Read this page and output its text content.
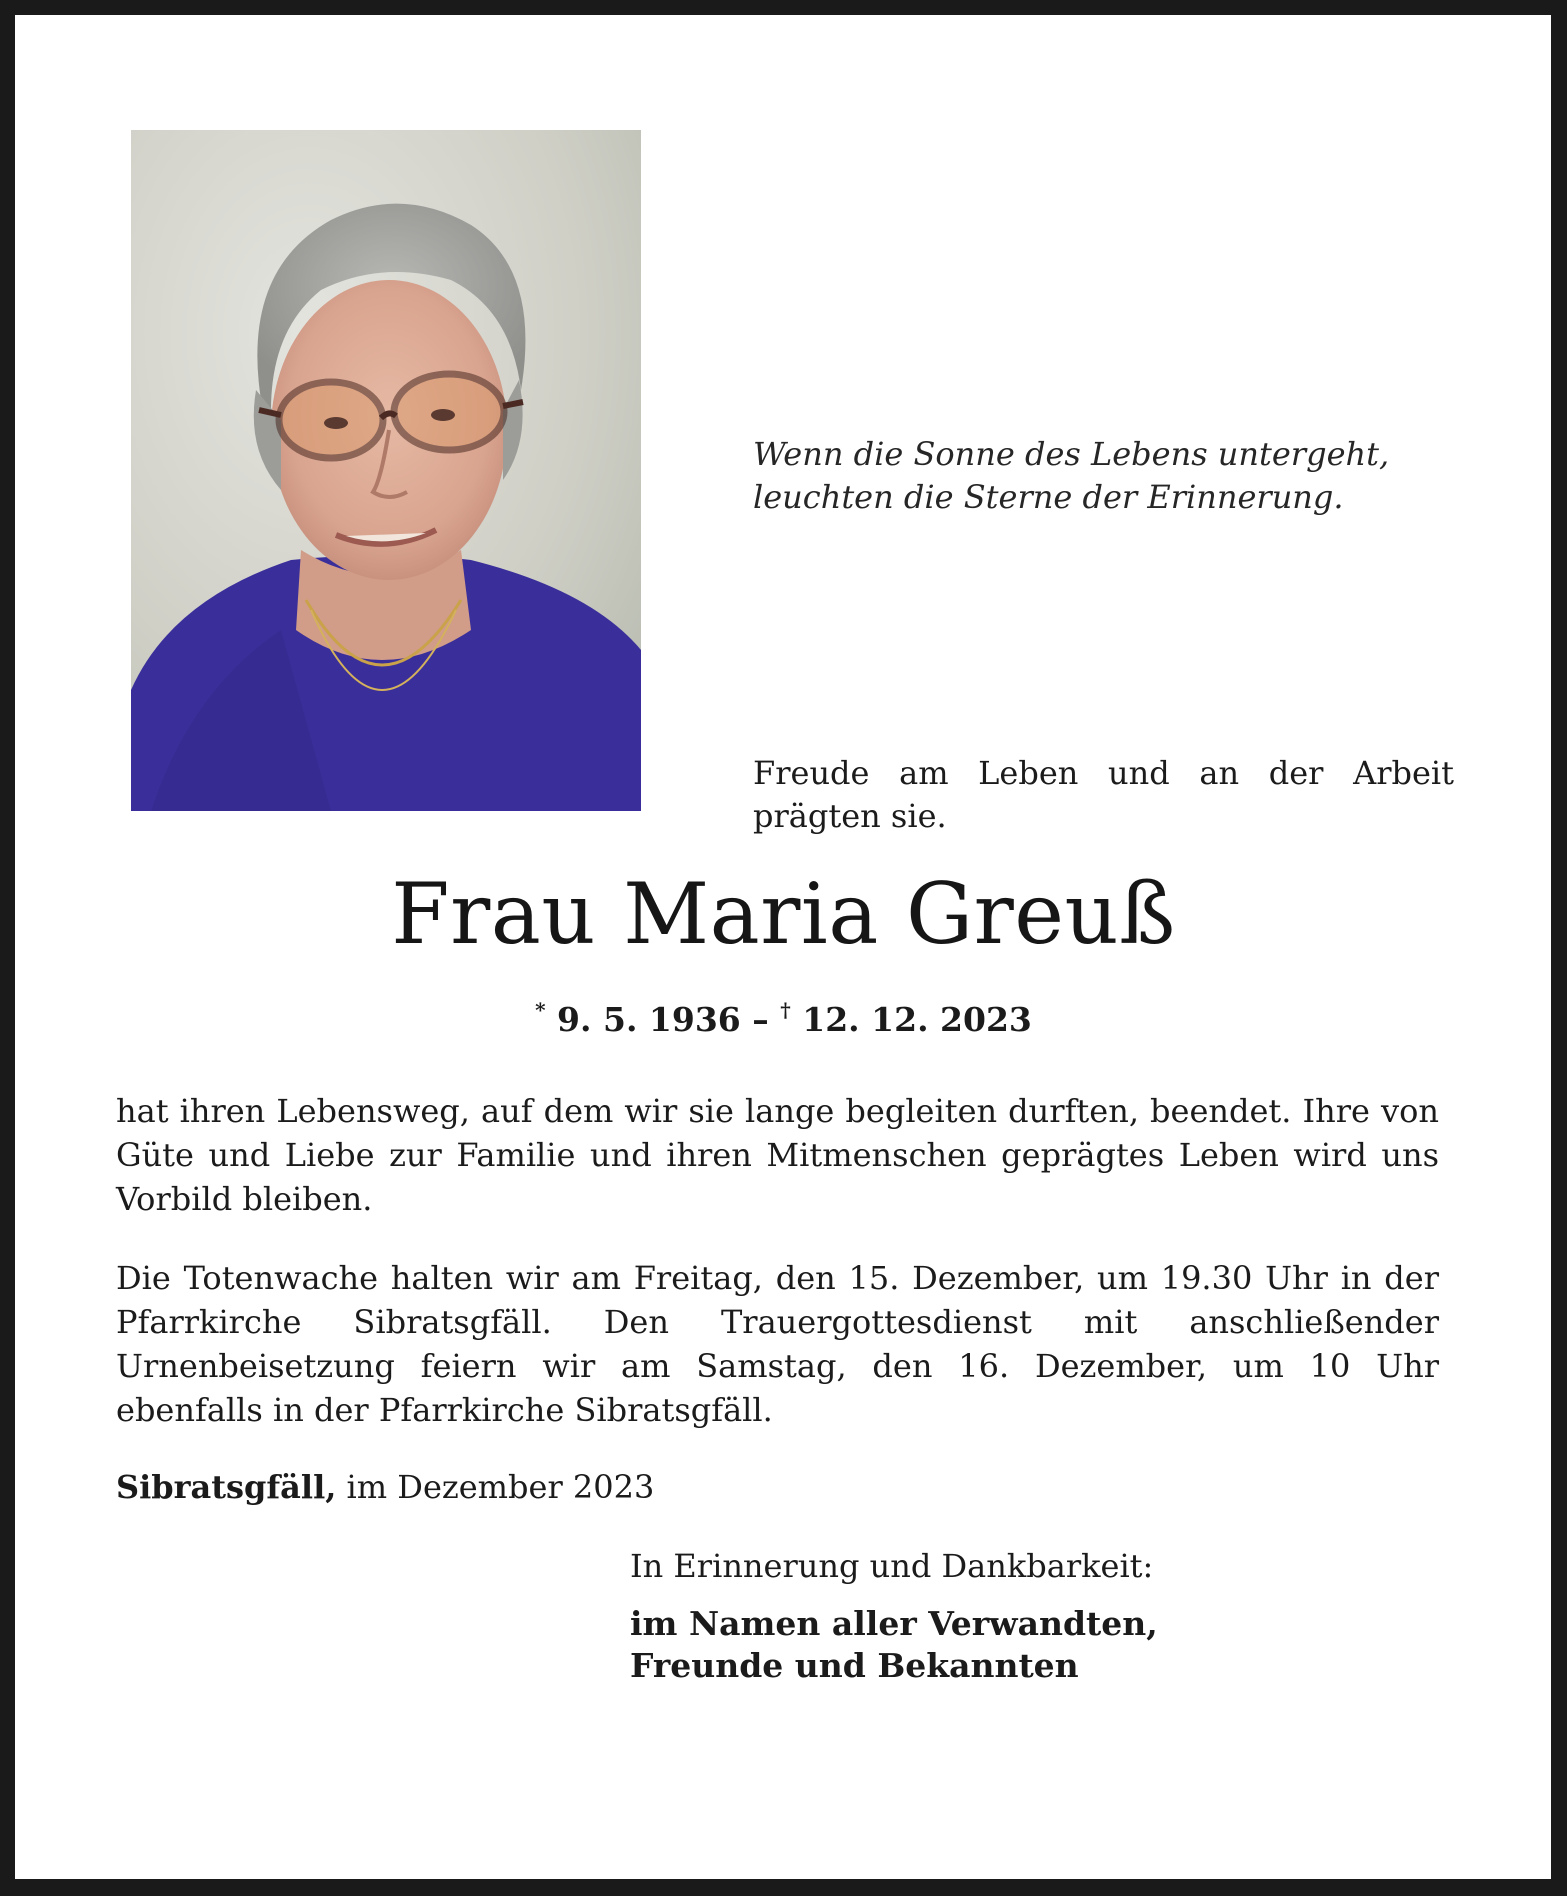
Wenn die Sonne des Lebens untergeht,
leuchten die Sterne der Erinnerung.
Freude am Leben und an der Arbeit prägten sie.
Frau Maria Greuß
* 9. 5. 1936 – † 12. 12. 2023
hat ihren Lebensweg, auf dem wir sie lange begleiten durften, beendet. Ihre von Güte und Liebe zur Familie und ihren Mitmenschen geprägtes Leben wird uns Vorbild bleiben.
Die Totenwache halten wir am Freitag, den 15. Dezember, um 19.30 Uhr in der Pfarrkirche Sibratsgfäll. Den Trauergottesdienst mit anschließender Urnenbeisetzung feiern wir am Samstag, den 16. Dezember, um 10 Uhr ebenfalls in der Pfarrkirche Sibratsgfäll.
Sibratsgfäll, im Dezember 2023
In Erinnerung und Dankbarkeit:
im Namen aller Verwandten,
Freunde und Bekannten
